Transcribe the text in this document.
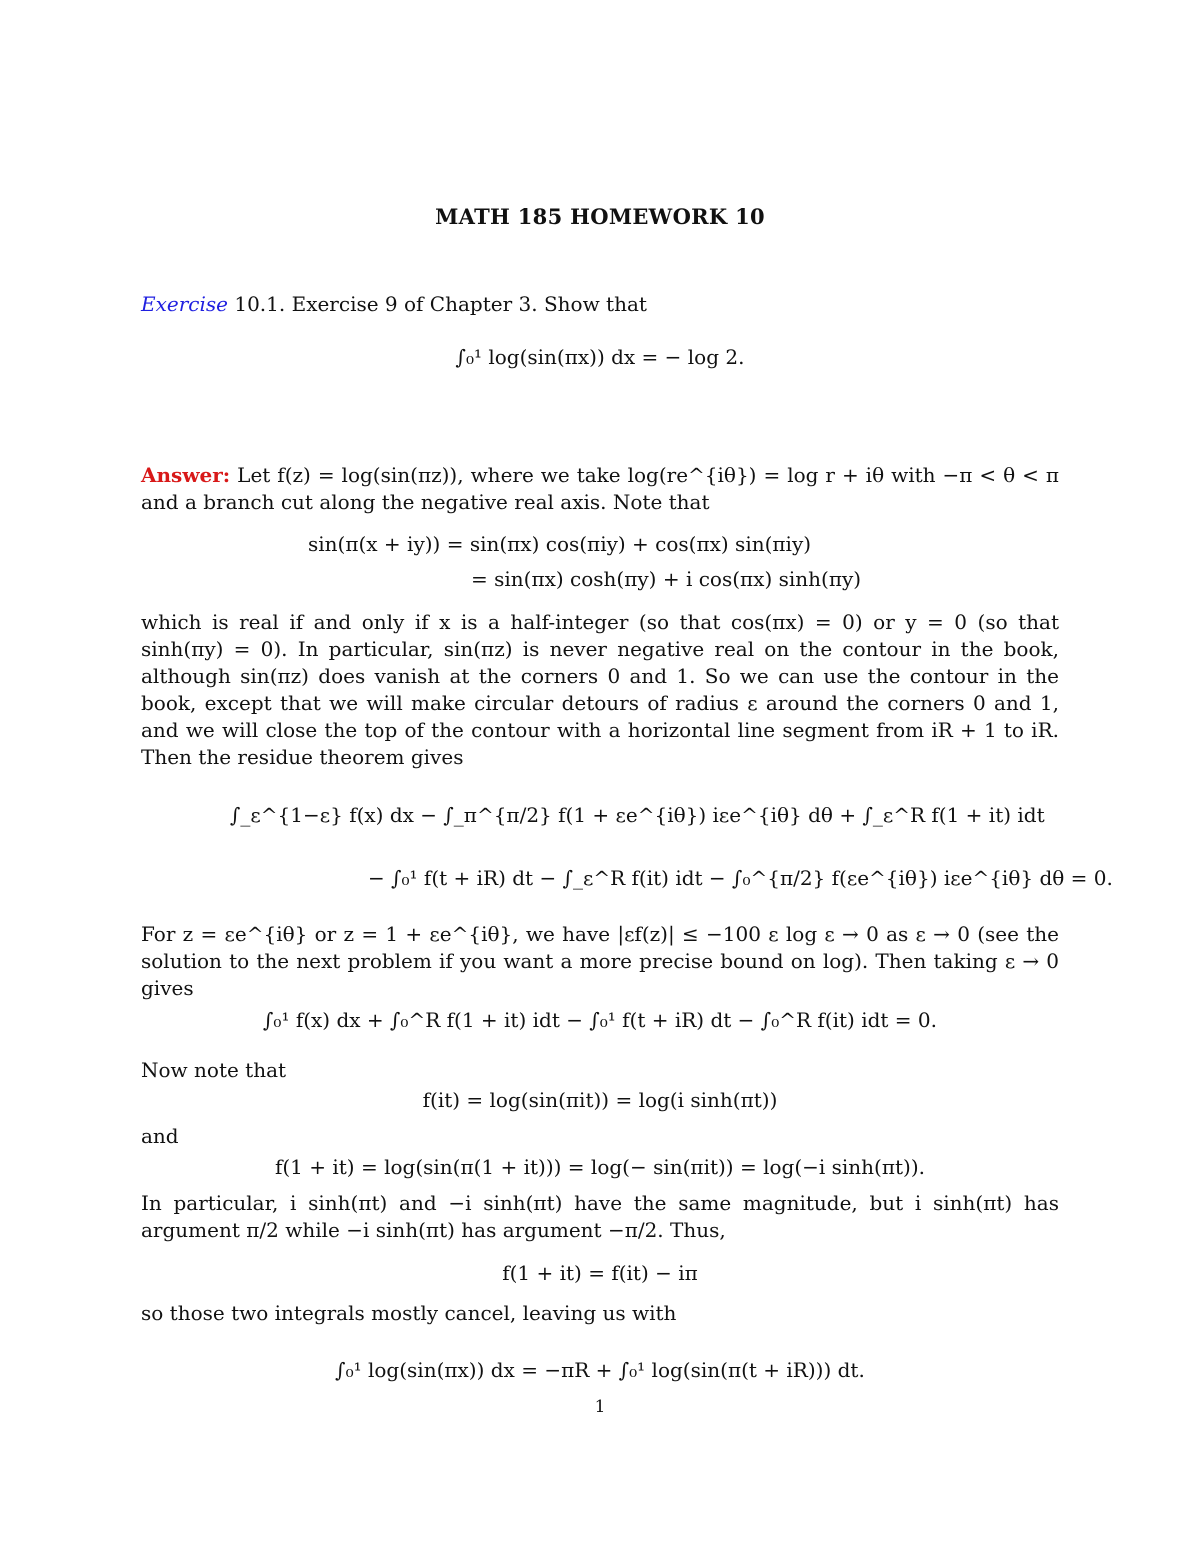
MATH 185 HOMEWORK 10
Exercise 10.1. Exercise 9 of Chapter 3. Show that
∫₀¹ log(sin(πx)) dx = − log 2.
Answer: Let f(z) = log(sin(πz)), where we take log(re^{iθ}) = log r + iθ with −π < θ < π and a branch cut along the negative real axis. Note that
sin(π(x + iy)) = sin(πx) cos(πiy) + cos(πx) sin(πiy)
= sin(πx) cosh(πy) + i cos(πx) sinh(πy)
which is real if and only if x is a half-integer (so that cos(πx) = 0) or y = 0 (so that sinh(πy) = 0). In particular, sin(πz) is never negative real on the contour in the book, although sin(πz) does vanish at the corners 0 and 1. So we can use the contour in the book, except that we will make circular detours of radius ε around the corners 0 and 1, and we will close the top of the contour with a horizontal line segment from iR + 1 to iR. Then the residue theorem gives
∫_ε^{1−ε} f(x) dx − ∫_π^{π/2} f(1 + εe^{iθ}) iεe^{iθ} dθ + ∫_ε^R f(1 + it) idt
− ∫₀¹ f(t + iR) dt − ∫_ε^R f(it) idt − ∫₀^{π/2} f(εe^{iθ}) iεe^{iθ} dθ = 0.
For z = εe^{iθ} or z = 1 + εe^{iθ}, we have |εf(z)| ≤ −100 ε log ε → 0 as ε → 0 (see the solution to the next problem if you want a more precise bound on log). Then taking ε → 0 gives
∫₀¹ f(x) dx + ∫₀^R f(1 + it) idt − ∫₀¹ f(t + iR) dt − ∫₀^R f(it) idt = 0.
Now note that
f(it) = log(sin(πit)) = log(i sinh(πt))
and
f(1 + it) = log(sin(π(1 + it))) = log(− sin(πit)) = log(−i sinh(πt)).
In particular, i sinh(πt) and −i sinh(πt) have the same magnitude, but i sinh(πt) has argument π/2 while −i sinh(πt) has argument −π/2. Thus,
f(1 + it) = f(it) − iπ
so those two integrals mostly cancel, leaving us with
∫₀¹ log(sin(πx)) dx = −πR + ∫₀¹ log(sin(π(t + iR))) dt.
1
